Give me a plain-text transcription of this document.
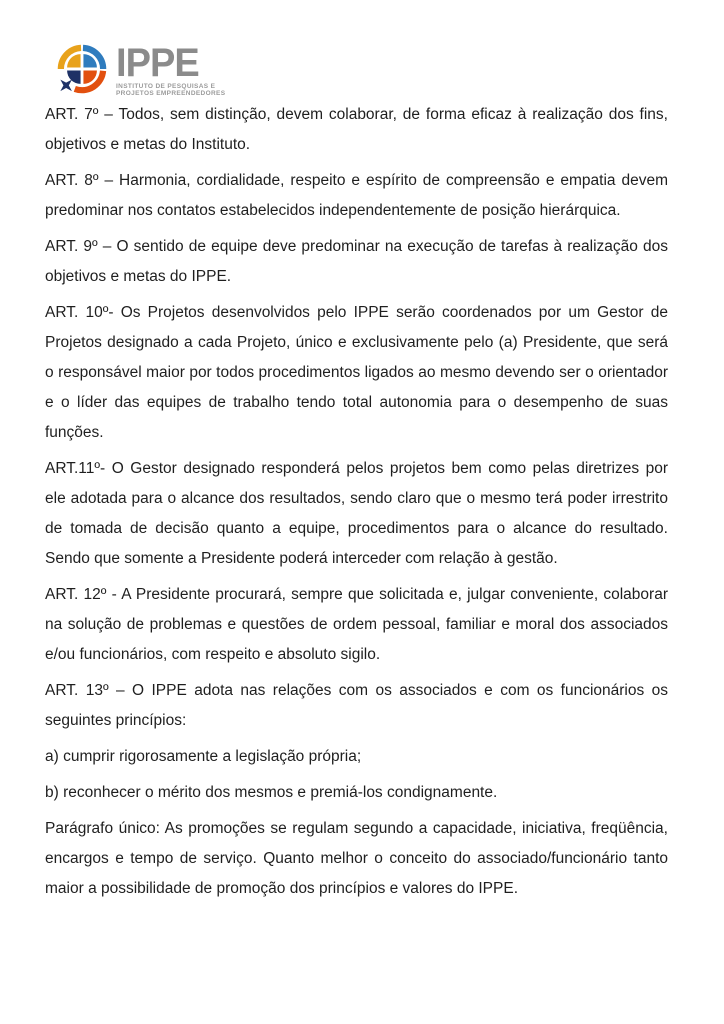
IPPE
INSTITUTO DE PESQUISAS E
PROJETOS EMPREENDEDORES

ART. 7º – Todos, sem distinção, devem colaborar, de forma eficaz à realização dos fins, objetivos e metas do Instituto.

ART. 8º – Harmonia, cordialidade, respeito e espírito de compreensão e empatia devem predominar nos contatos estabelecidos independentemente de posição hierárquica.

ART. 9º – O sentido de equipe deve predominar na execução de tarefas à realização dos objetivos e metas do IPPE.

ART. 10º- Os Projetos desenvolvidos pelo IPPE serão coordenados por um Gestor de Projetos designado a cada Projeto, único e exclusivamente pelo (a) Presidente, que será o responsável maior por todos procedimentos ligados ao mesmo devendo ser o orientador e o líder das equipes de trabalho tendo total autonomia para o desempenho de suas funções.

ART.11º- O Gestor designado responderá pelos projetos bem como pelas diretrizes por ele adotada para o alcance dos resultados, sendo claro que o mesmo terá poder irrestrito de tomada de decisão quanto a equipe, procedimentos para o alcance do resultado. Sendo que somente a Presidente poderá interceder com relação à gestão.

ART. 12º - A Presidente procurará, sempre que solicitada e, julgar conveniente, colaborar na solução de problemas e questões de ordem pessoal, familiar e moral dos associados e/ou funcionários, com respeito e absoluto sigilo.

ART. 13º – O IPPE adota nas relações com os associados e com os funcionários os seguintes princípios:

a) cumprir rigorosamente a legislação própria;

b) reconhecer o mérito dos mesmos e premiá-los condignamente.

Parágrafo único: As promoções se regulam segundo a capacidade, iniciativa, freqüência, encargos e tempo de serviço. Quanto melhor o conceito do associado/funcionário tanto maior a possibilidade de promoção dos princípios e valores do IPPE.
